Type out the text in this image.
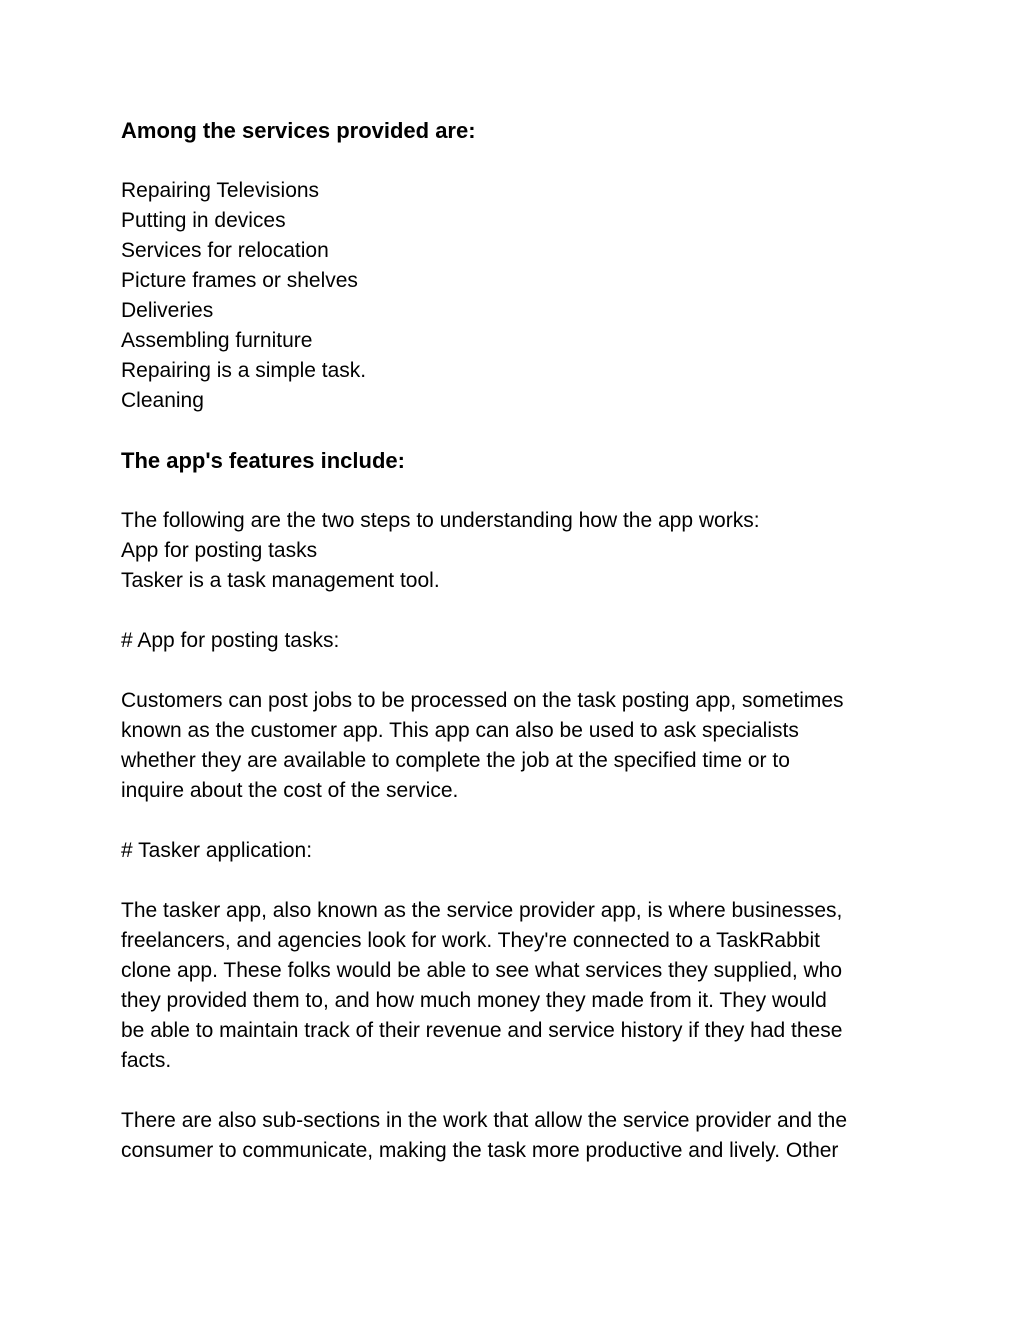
Among the services provided are:

Repairing Televisions

Putting in devices

Services for relocation

Picture frames or shelves

Deliveries

Assembling furniture

Repairing is a simple task.

Cleaning

The app's features include:

The following are the two steps to understanding how the app works:

App for posting tasks

Tasker is a task management tool.

# App for posting tasks:

Customers can post jobs to be processed on the task posting app, sometimes
known as the customer app. This app can also be used to ask specialists
whether they are available to complete the job at the specified time or to
inquire about the cost of the service.

# Tasker application:

The tasker app, also known as the service provider app, is where businesses,
freelancers, and agencies look for work. They're connected to a TaskRabbit
clone app. These folks would be able to see what services they supplied, who
they provided them to, and how much money they made from it. They would
be able to maintain track of their revenue and service history if they had these
facts.

There are also sub-sections in the work that allow the service provider and the
consumer to communicate, making the task more productive and lively. Other
